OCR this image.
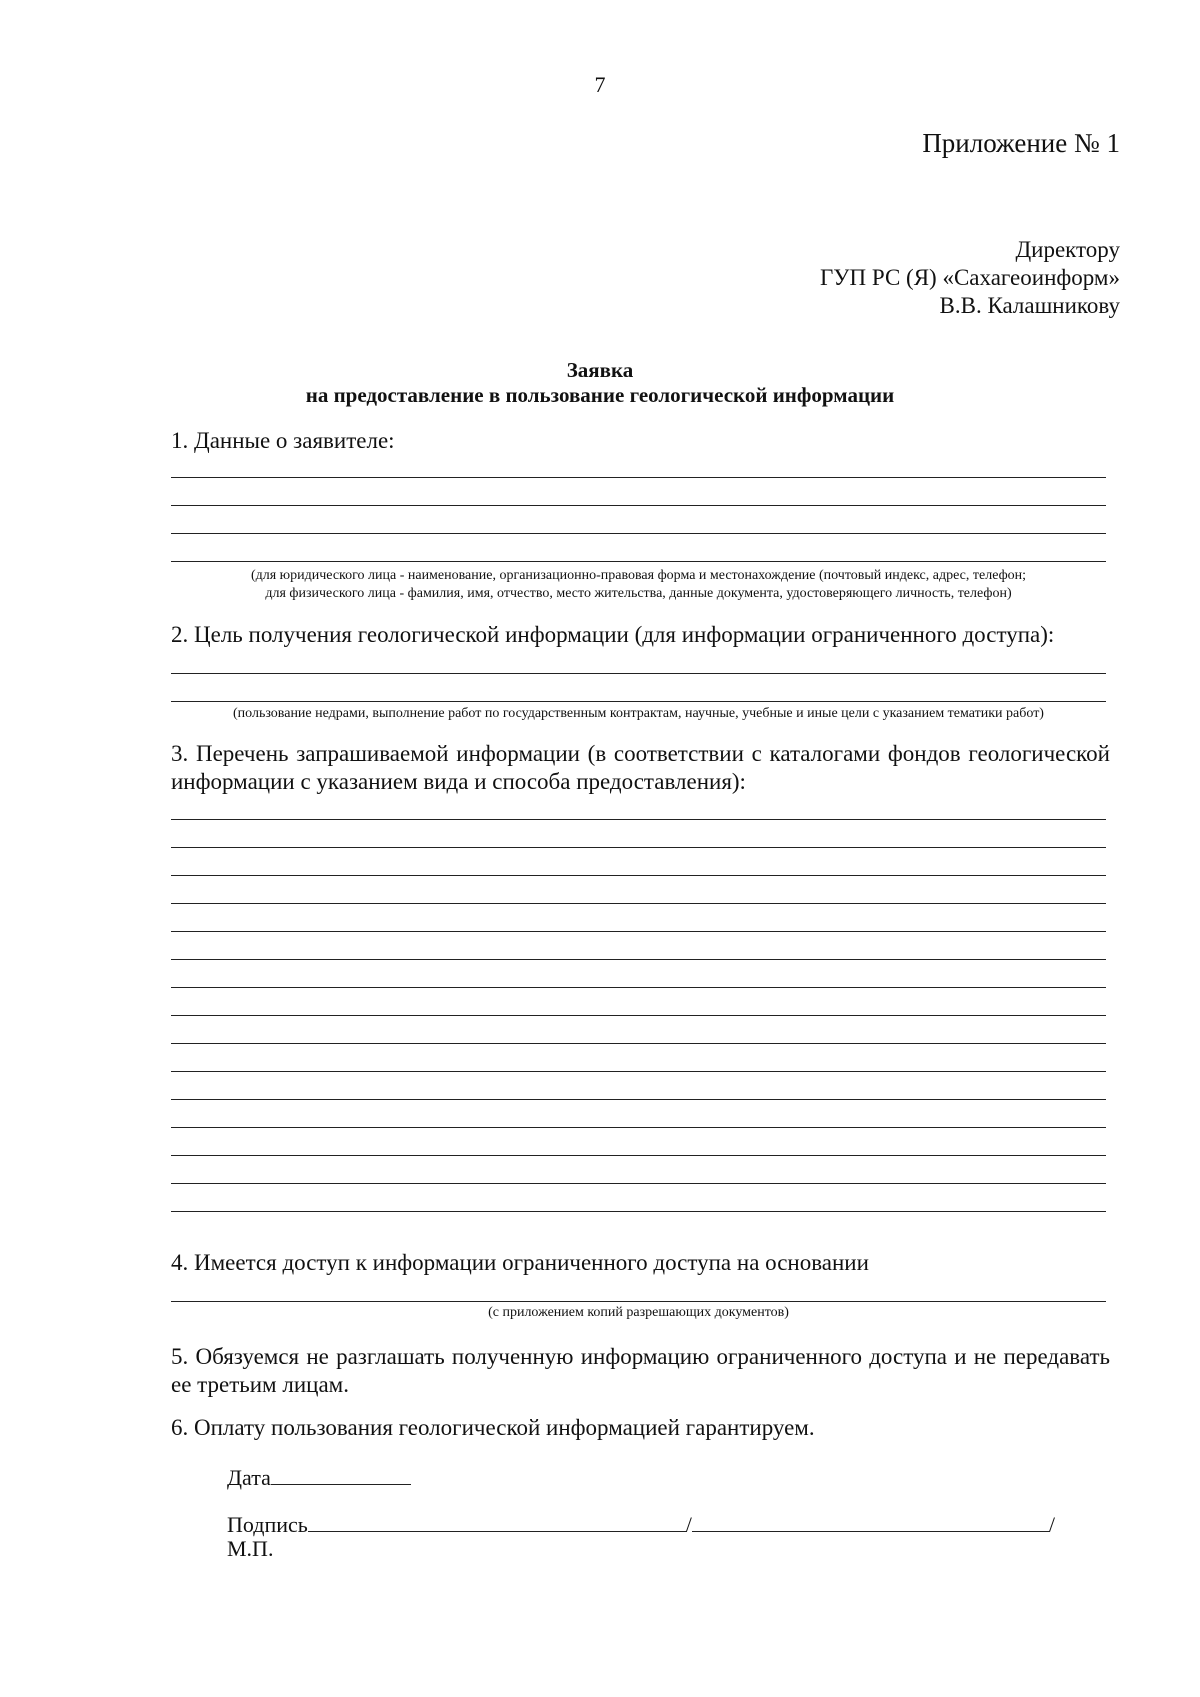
7
Приложение № 1
Директору
ГУП РС (Я) «Сахагеоинформ»
В.В. Калашникову
Заявка
на предоставление в пользование геологической информации
1. Данные о заявителе:
(для юридического лица - наименование, организационно-правовая форма и местонахождение (почтовый индекс, адрес, телефон;
для физического лица - фамилия, имя, отчество, место жительства, данные документа, удостоверяющего личность, телефон)
2. Цель получения геологической информации (для информации ограниченного доступа):
(пользование недрами, выполнение работ по государственным контрактам, научные, учебные и иные цели с указанием тематики работ)
3. Перечень запрашиваемой информации (в соответствии с каталогами фондов геологической информации с указанием вида и способа предоставления):
4. Имеется доступ к информации ограниченного доступа на основании
(с приложением копий разрешающих документов)
5. Обязуемся не разглашать полученную информацию ограниченного доступа и не передавать ее третьим лицам.
6. Оплату пользования геологической информацией гарантируем.
Дата
Подпись	/	/
М.П.
